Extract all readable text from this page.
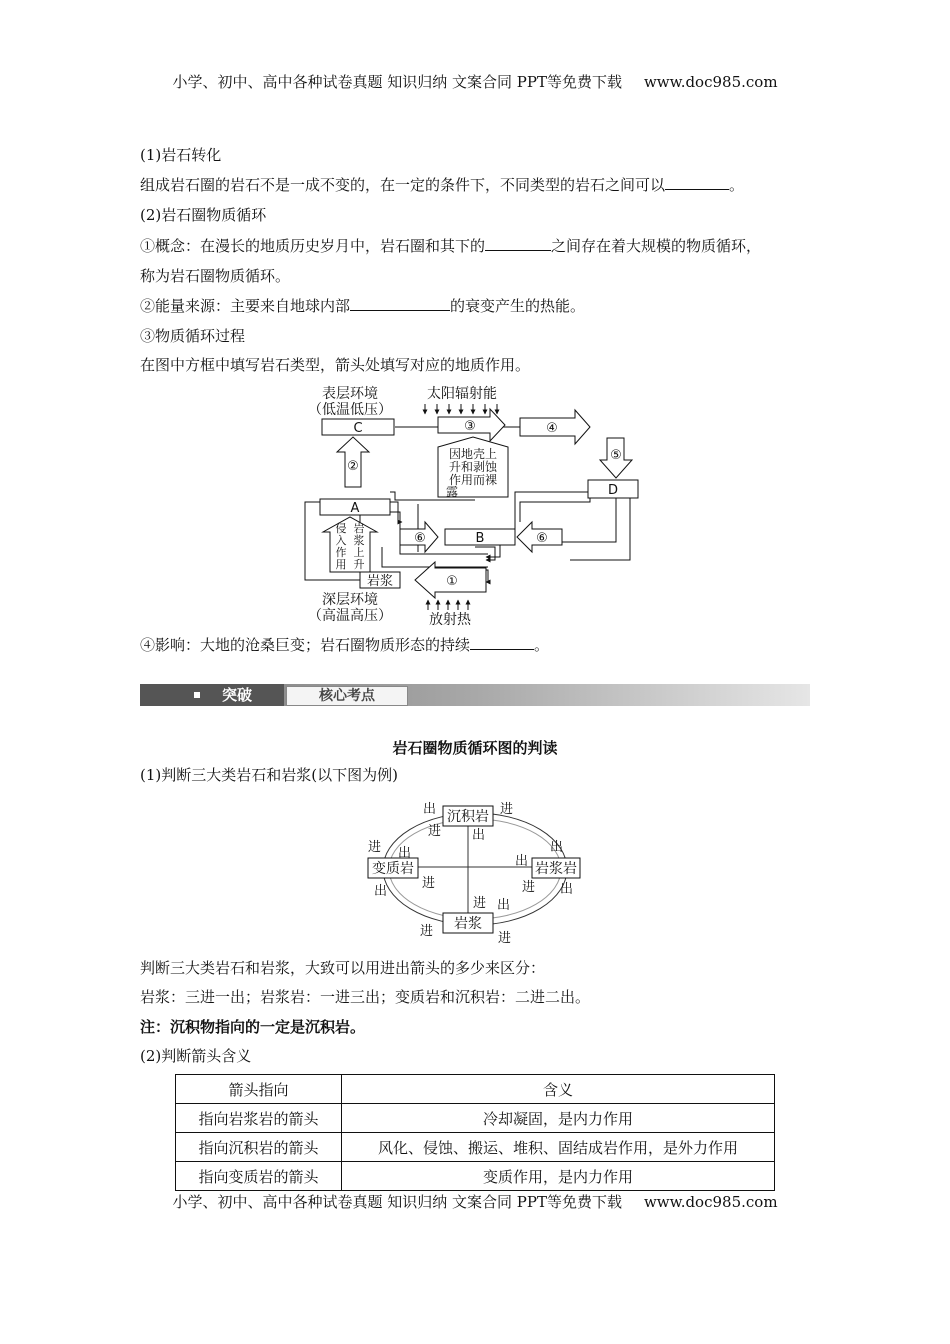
小学、初中、高中各种试卷真题 知识归纳 文案合同 PPT等免费下载 www.doc985.com
(1)岩石转化
组成岩石圈的岩石不是一成不变的，在一定的条件下，不同类型的岩石之间可以	。
(2)岩石圈物质循环
①概念：在漫长的地质历史岁月中，岩石圈和其下的	之间存在着大规模的物质循环，
称为岩石圈物质循环。
②能量来源：主要来自地球内部	的衰变产生的热能。
③物质循环过程
在图中方框中填写岩石类型，箭头处填写对应的地质作用。
表层环境
（低温低压）
太阳辐射能
C
②
③
因地壳上
升和剥蚀
作用而裸
露
④
⑤
D
A
侵
入
作
用
岩
浆
上
升
⑥	B	⑥
岩浆	①
深层环境
（高温高压）	放射热
④影响：大地的沧桑巨变；岩石圈物质形态的持续	。
突破	核心考点
岩石圈物质循环图的判读
(1)判断三大类岩石和岩浆(以下图为例)
沉积岩
变质岩	岩浆岩
岩浆
出	进
进 出
进 出	出
出
出
进	进 出
进 出
进	进
判断三大类岩石和岩浆，大致可以用进出箭头的多少来区分：
岩浆：三进一出；岩浆岩：一进三出；变质岩和沉积岩：二进二出。
注：沉积物指向的一定是沉积岩。
(2)判断箭头含义
箭头指向	含义
指向岩浆岩的箭头	冷却凝固，是内力作用
指向沉积岩的箭头	风化、侵蚀、搬运、堆积、固结成岩作用，是外力作用
指向变质岩的箭头	变质作用，是内力作用
小学、初中、高中各种试卷真题 知识归纳 文案合同 PPT等免费下载 www.doc985.com
